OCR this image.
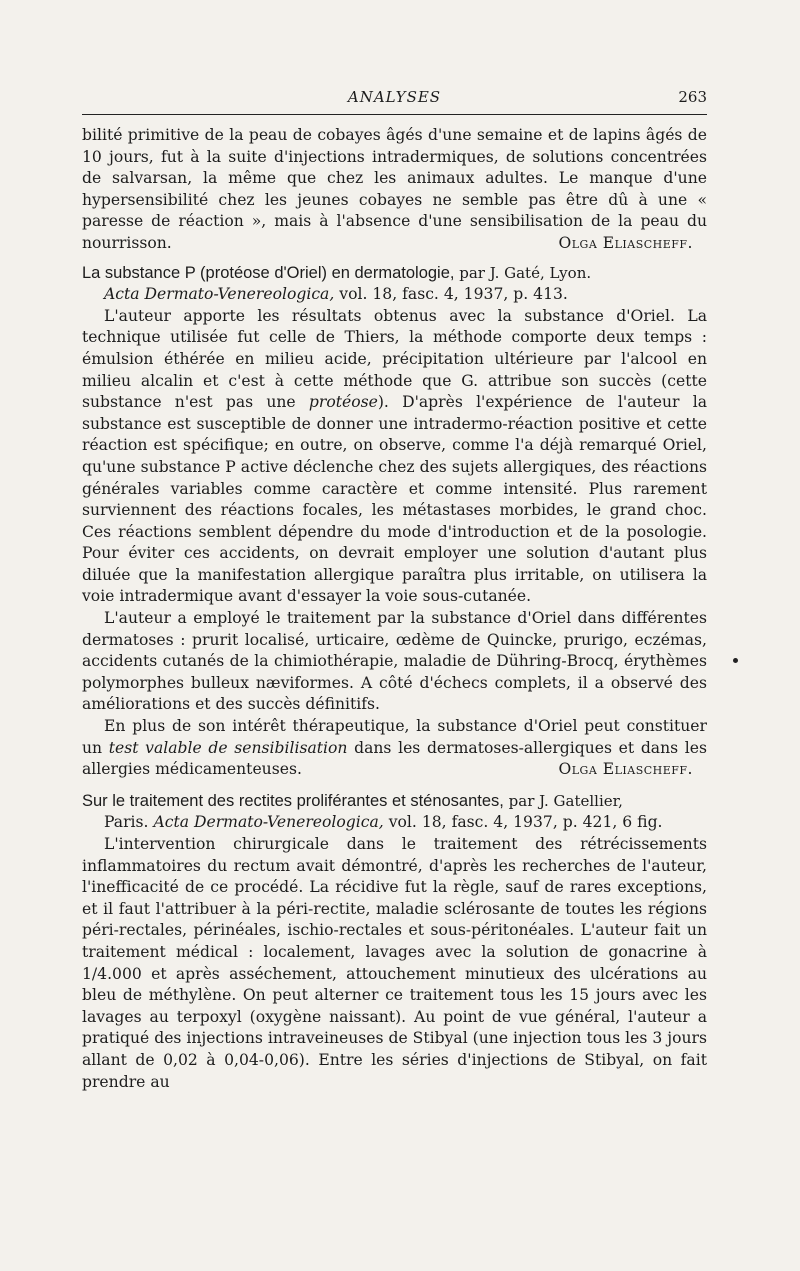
ANALYSES	263

bilité primitive de la peau de cobayes âgés d'une semaine et de lapins âgés de 10 jours, fut à la suite d'injections intradermiques, de solutions concentrées de salvarsan, la même que chez les animaux adultes. Le manque d'une hypersensibilité chez les jeunes cobayes ne semble pas être dû à une « paresse de réaction », mais à l'absence d'une sensibilisation de la peau du nourrisson.	Olga Eliascheff.

La substance P (protéose d'Oriel) en dermatologie, par J. Gaté, Lyon.
Acta Dermato-Venereologica, vol. 18, fasc. 4, 1937, p. 413.

L'auteur apporte les résultats obtenus avec la substance d'Oriel. La technique utilisée fut celle de Thiers, la méthode comporte deux temps : émulsion éthérée en milieu acide, précipitation ultérieure par l'alcool en milieu alcalin et c'est à cette méthode que G. attribue son succès (cette substance n'est pas une protéose). D'après l'expérience de l'auteur la substance est susceptible de donner une intradermo-réaction positive et cette réaction est spécifique; en outre, on observe, comme l'a déjà remarqué Oriel, qu'une substance P active déclenche chez des sujets allergiques, des réactions générales variables comme caractère et comme intensité. Plus rarement surviennent des réactions focales, les métastases morbides, le grand choc. Ces réactions semblent dépendre du mode d'introduction et de la posologie. Pour éviter ces accidents, on devrait employer une solution d'autant plus diluée que la manifestation allergique paraîtra plus irritable, on utilisera la voie intradermique avant d'essayer la voie sous-cutanée.

L'auteur a employé le traitement par la substance d'Oriel dans différentes dermatoses : prurit localisé, urticaire, œdème de Quincke, prurigo, eczémas, accidents cutanés de la chimiothérapie, maladie de Dühring-Brocq, érythèmes polymorphes bulleux næviformes. A côté d'échecs complets, il a observé des améliorations et des succès définitifs.

En plus de son intérêt thérapeutique, la substance d'Oriel peut constituer un test valable de sensibilisation dans les dermatoses-allergiques et dans les allergies médicamenteuses.	Olga Eliascheff.

Sur le traitement des rectites proliférantes et sténosantes, par J. Gatellier,
Paris. Acta Dermato-Venereologica, vol. 18, fasc. 4, 1937, p. 421, 6 fig.

L'intervention chirurgicale dans le traitement des rétrécissements inflammatoires du rectum avait démontré, d'après les recherches de l'auteur, l'inefficacité de ce procédé. La récidive fut la règle, sauf de rares exceptions, et il faut l'attribuer à la péri-rectite, maladie sclérosante de toutes les régions péri-rectales, périnéales, ischio-rectales et sous-péritonéales. L'auteur fait un traitement médical : localement, lavages avec la solution de gonacrine à 1/4.000 et après asséchement, attouchement minutieux des ulcérations au bleu de méthylène. On peut alterner ce traitement tous les 15 jours avec les lavages au terpoxyl (oxygène naissant). Au point de vue général, l'auteur a pratiqué des injections intraveineuses de Stibyal (une injection tous les 3 jours allant de 0,02 à 0,04-0,06). Entre les séries d'injections de Stibyal, on fait prendre au
